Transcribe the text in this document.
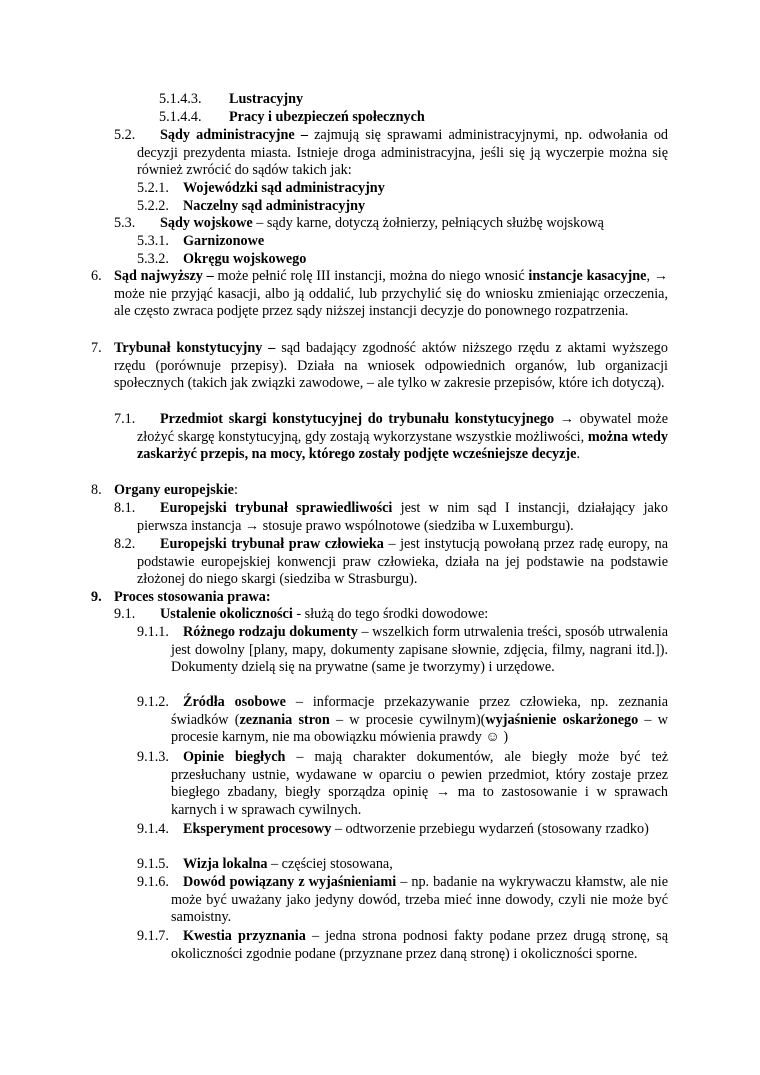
5.1.4.3. Lustracyjny
5.1.4.4. Pracy i ubezpieczeń społecznych
5.2.	Sądy administracyjne – zajmują się sprawami administracyjnymi, np. odwołania od decyzji prezydenta miasta. Istnieje droga administracyjna, jeśli się ją wyczerpie można się również zwrócić do sądów takich jak:
5.2.1. Wojewódzki sąd administracyjny
5.2.2. Naczelny sąd administracyjny
5.3. Sądy wojskowe – sądy karne, dotyczą żołnierzy, pełniących służbę wojskową
5.3.1. Garnizonowe
5.3.2. Okręgu wojskowego
6. Sąd najwyższy – może pełnić rolę III instancji, można do niego wnosić instancje kasacyjne, → może nie przyjąć kasacji, albo ją oddalić, lub przychylić się do wniosku zmieniając orzeczenia, ale często zwraca podjęte przez sądy niższej instancji decyzje do ponownego rozpatrzenia.
7. Trybunał konstytucyjny – sąd badający zgodność aktów niższego rzędu z aktami wyższego rzędu (porównuje przepisy). Działa na wniosek odpowiednich organów, lub organizacji społecznych (takich jak związki zawodowe, – ale tylko w zakresie przepisów, które ich dotyczą).
7.1.	Przedmiot skargi konstytucyjnej do trybunału konstytucyjnego → obywatel może złożyć skargę konstytucyjną, gdy zostają wykorzystane wszystkie możliwości, można wtedy zaskarżyć przepis, na mocy, którego zostały podjęte wcześniejsze decyzje.
8. Organy europejskie:
8.1.	Europejski trybunał sprawiedliwości jest w nim sąd I instancji, działający jako pierwsza instancja → stosuje prawo wspólnotowe (siedziba w Luxemburgu).
8.2.	Europejski trybunał praw człowieka – jest instytucją powołaną przez radę europy, na podstawie europejskiej konwencji praw człowieka, działa na jej podstawie na podstawie złożonej do niego skargi (siedziba w Strasburgu).
9. Proces stosowania prawa:
9.1. Ustalenie okoliczności - służą do tego środki dowodowe:
9.1.1. Różnego rodzaju dokumenty – wszelkich form utrwalenia treści, sposób utrwalenia jest dowolny [plany, mapy, dokumenty zapisane słownie, zdjęcia, filmy, nagrani itd.]). Dokumenty dzielą się na prywatne (same je tworzymy) i urzędowe.
9.1.2. Źródła osobowe – informacje przekazywanie przez człowieka, np. zeznania świadków (zeznania stron – w procesie cywilnym)(wyjaśnienie oskarżonego – w procesie karnym, nie ma obowiązku mówienia prawdy ☺ )
9.1.3. Opinie biegłych – mają charakter dokumentów, ale biegły może być też przesłuchany ustnie, wydawane w oparciu o pewien przedmiot, który zostaje przez biegłego zbadany, biegły sporządza opinię → ma to zastosowanie i w sprawach karnych i w sprawach cywilnych.
9.1.4. Eksperyment procesowy – odtworzenie przebiegu wydarzeń (stosowany rzadko)
9.1.5. Wizja lokalna – częściej stosowana,
9.1.6. Dowód powiązany z wyjaśnieniami – np. badanie na wykrywaczu kłamstw, ale nie może być uważany jako jedyny dowód, trzeba mieć inne dowody, czyli nie może być samoistny.
9.1.7. Kwestia przyznania – jedna strona podnosi fakty podane przez drugą stronę, są okoliczności zgodnie podane (przyznane przez daną stronę) i okoliczności sporne.
